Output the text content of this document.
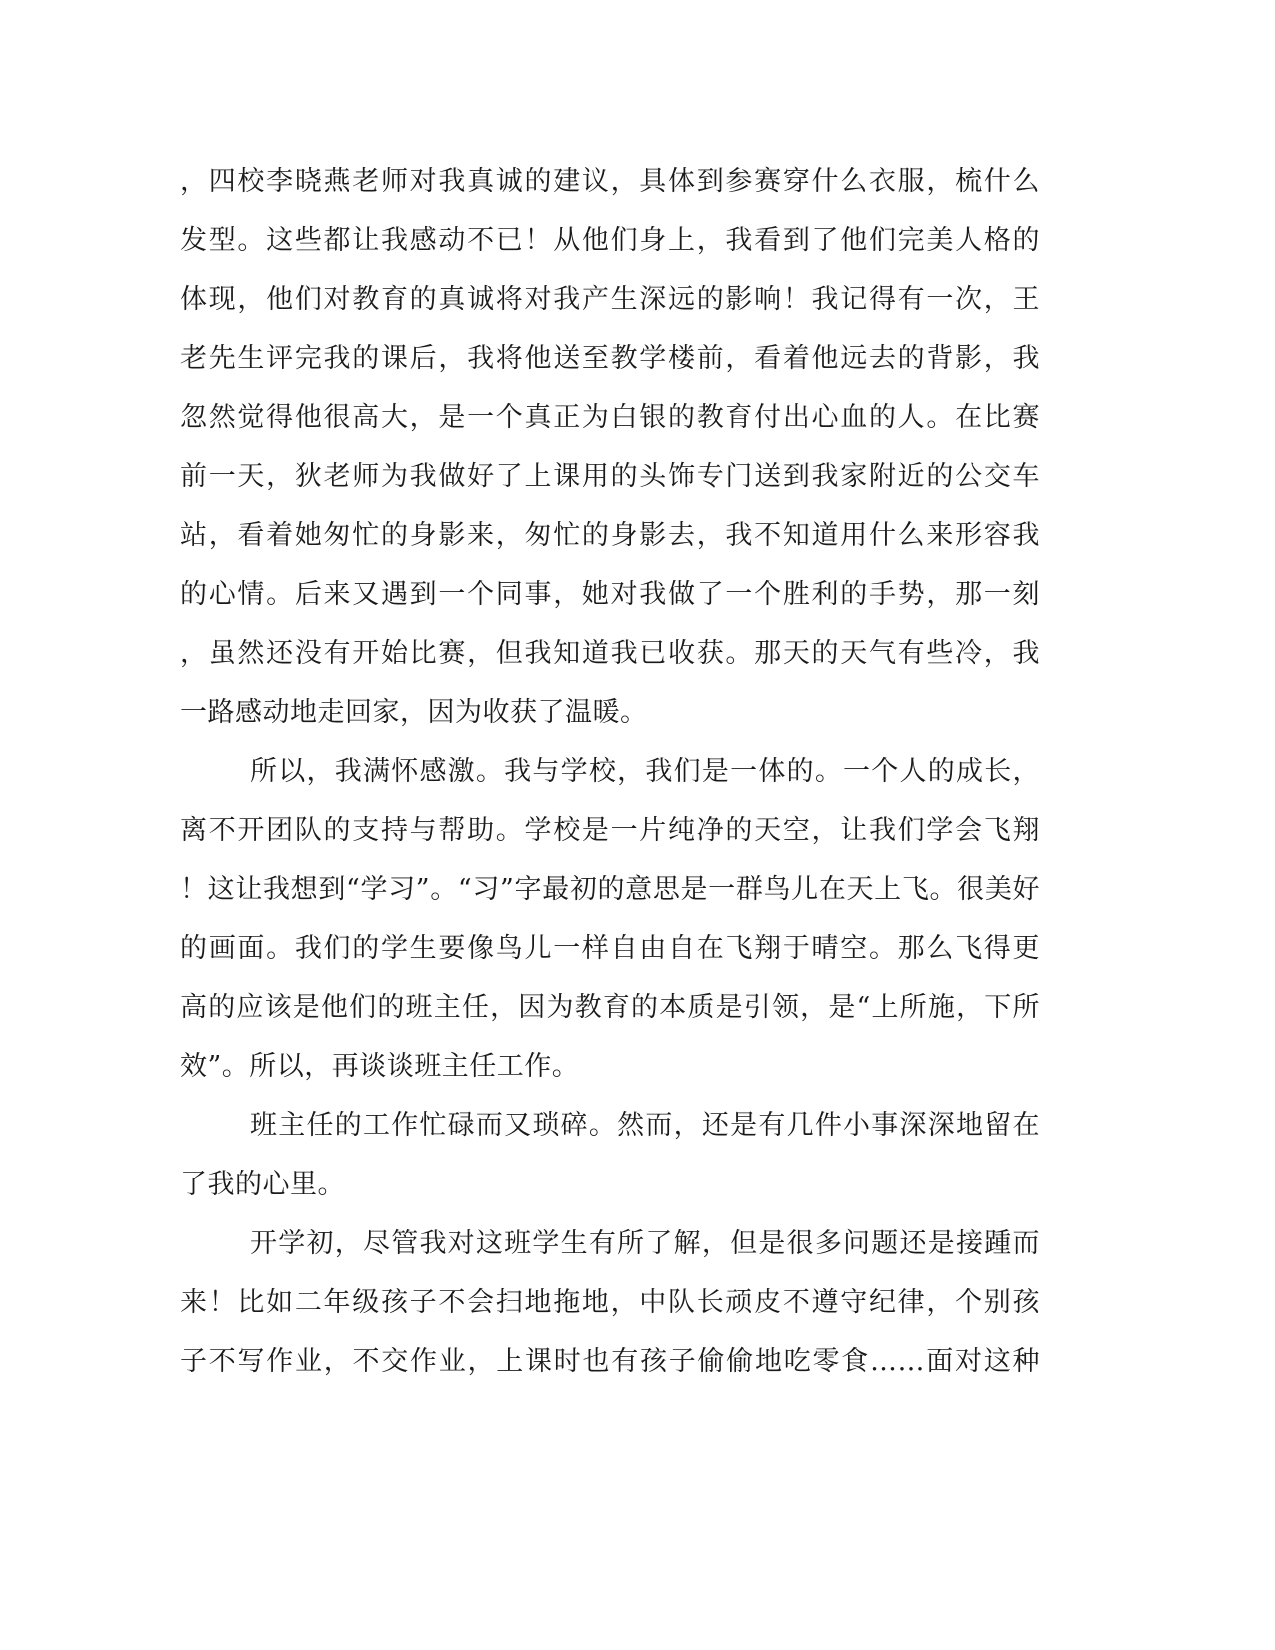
，四校李晓燕老师对我真诚的建议，具体到参赛穿什么衣服，梳什么
发型。这些都让我感动不已！从他们身上，我看到了他们完美人格的
体现，他们对教育的真诚将对我产生深远的影响！我记得有一次，王
老先生评完我的课后，我将他送至教学楼前，看着他远去的背影，我
忽然觉得他很高大，是一个真正为白银的教育付出心血的人。在比赛
前一天，狄老师为我做好了上课用的头饰专门送到我家附近的公交车
站，看着她匆忙的身影来，匆忙的身影去，我不知道用什么来形容我
的心情。后来又遇到一个同事，她对我做了一个胜利的手势，那一刻
，虽然还没有开始比赛，但我知道我已收获。那天的天气有些冷，我
一路感动地走回家，因为收获了温暖。
所以，我满怀感激。我与学校，我们是一体的。一个人的成长，
离不开团队的支持与帮助。学校是一片纯净的天空，让我们学会飞翔
！这让我想到“学习”。“习”字最初的意思是一群鸟儿在天上飞。很美好
的画面。我们的学生要像鸟儿一样自由自在飞翔于晴空。那么飞得更
高的应该是他们的班主任，因为教育的本质是引领，是“上所施，下所
效”。所以，再谈谈班主任工作。
班主任的工作忙碌而又琐碎。然而，还是有几件小事深深地留在
了我的心里。
开学初，尽管我对这班学生有所了解，但是很多问题还是接踵而
来！比如二年级孩子不会扫地拖地，中队长顽皮不遵守纪律，个别孩
子不写作业，不交作业，上课时也有孩子偷偷地吃零食……面对这种
